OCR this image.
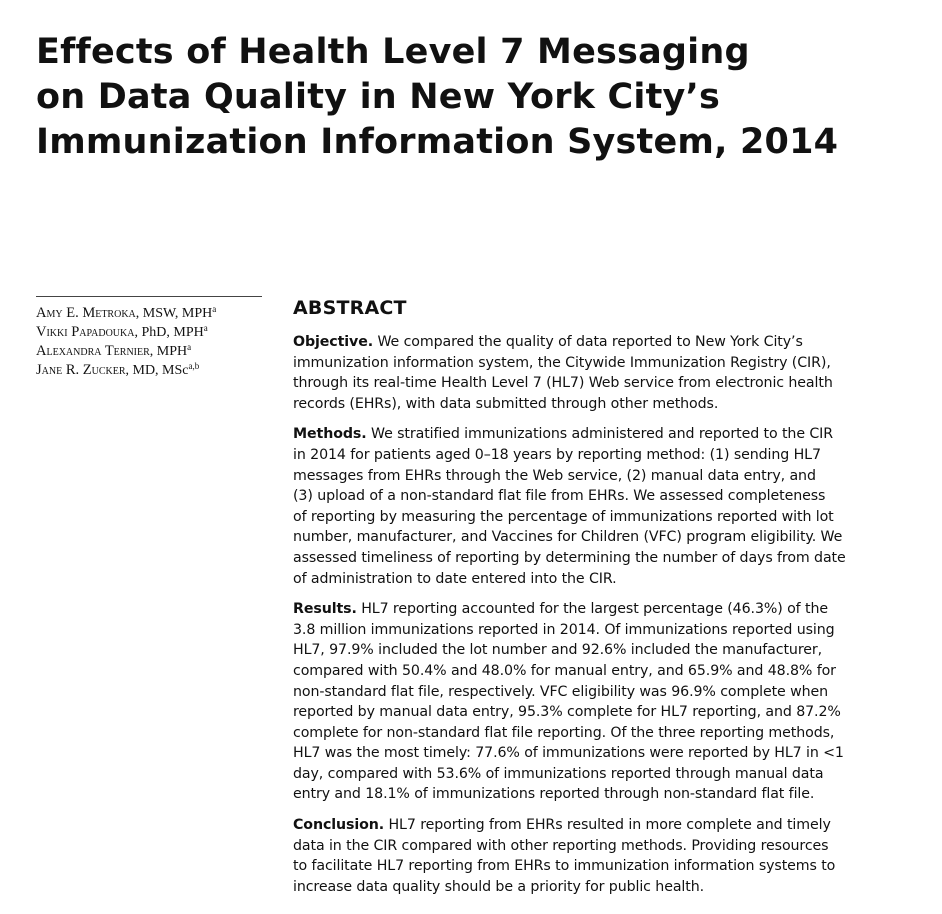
Effects of Health Level 7 Messaging
on Data Quality in New York City’s
Immunization Information System, 2014
Amy E. Metroka, MSW, MPH$^a$
Vikki Papadouka, PhD, MPH$^a$
Alexandra Ternier, MPH$^a$
Jane R. Zucker, MD, MSc$^{a,b}$
ABSTRACT

Objective. We compared the quality of data reported to New York City’s
immunization information system, the Citywide Immunization Registry (CIR),
through its real-time Health Level 7 (HL7) Web service from electronic health
records (EHRs), with data submitted through other methods.

Methods. We stratified immunizations administered and reported to the CIR
in 2014 for patients aged 0–18 years by reporting method: (1) sending HL7
messages from EHRs through the Web service, (2) manual data entry, and
(3) upload of a non-standard flat file from EHRs. We assessed completeness
of reporting by measuring the percentage of immunizations reported with lot
number, manufacturer, and Vaccines for Children (VFC) program eligibility. We
assessed timeliness of reporting by determining the number of days from date
of administration to date entered into the CIR.

Results. HL7 reporting accounted for the largest percentage (46.3%) of the
3.8 million immunizations reported in 2014. Of immunizations reported using
HL7, 97.9% included the lot number and 92.6% included the manufacturer,
compared with 50.4% and 48.0% for manual entry, and 65.9% and 48.8% for
non-standard flat file, respectively. VFC eligibility was 96.9% complete when
reported by manual data entry, 95.3% complete for HL7 reporting, and 87.2%
complete for non-standard flat file reporting. Of the three reporting methods,
HL7 was the most timely: 77.6% of immunizations were reported by HL7 in <1
day, compared with 53.6% of immunizations reported through manual data
entry and 18.1% of immunizations reported through non-standard flat file.

Conclusion. HL7 reporting from EHRs resulted in more complete and timely
data in the CIR compared with other reporting methods. Providing resources
to facilitate HL7 reporting from EHRs to immunization information systems to
increase data quality should be a priority for public health.
